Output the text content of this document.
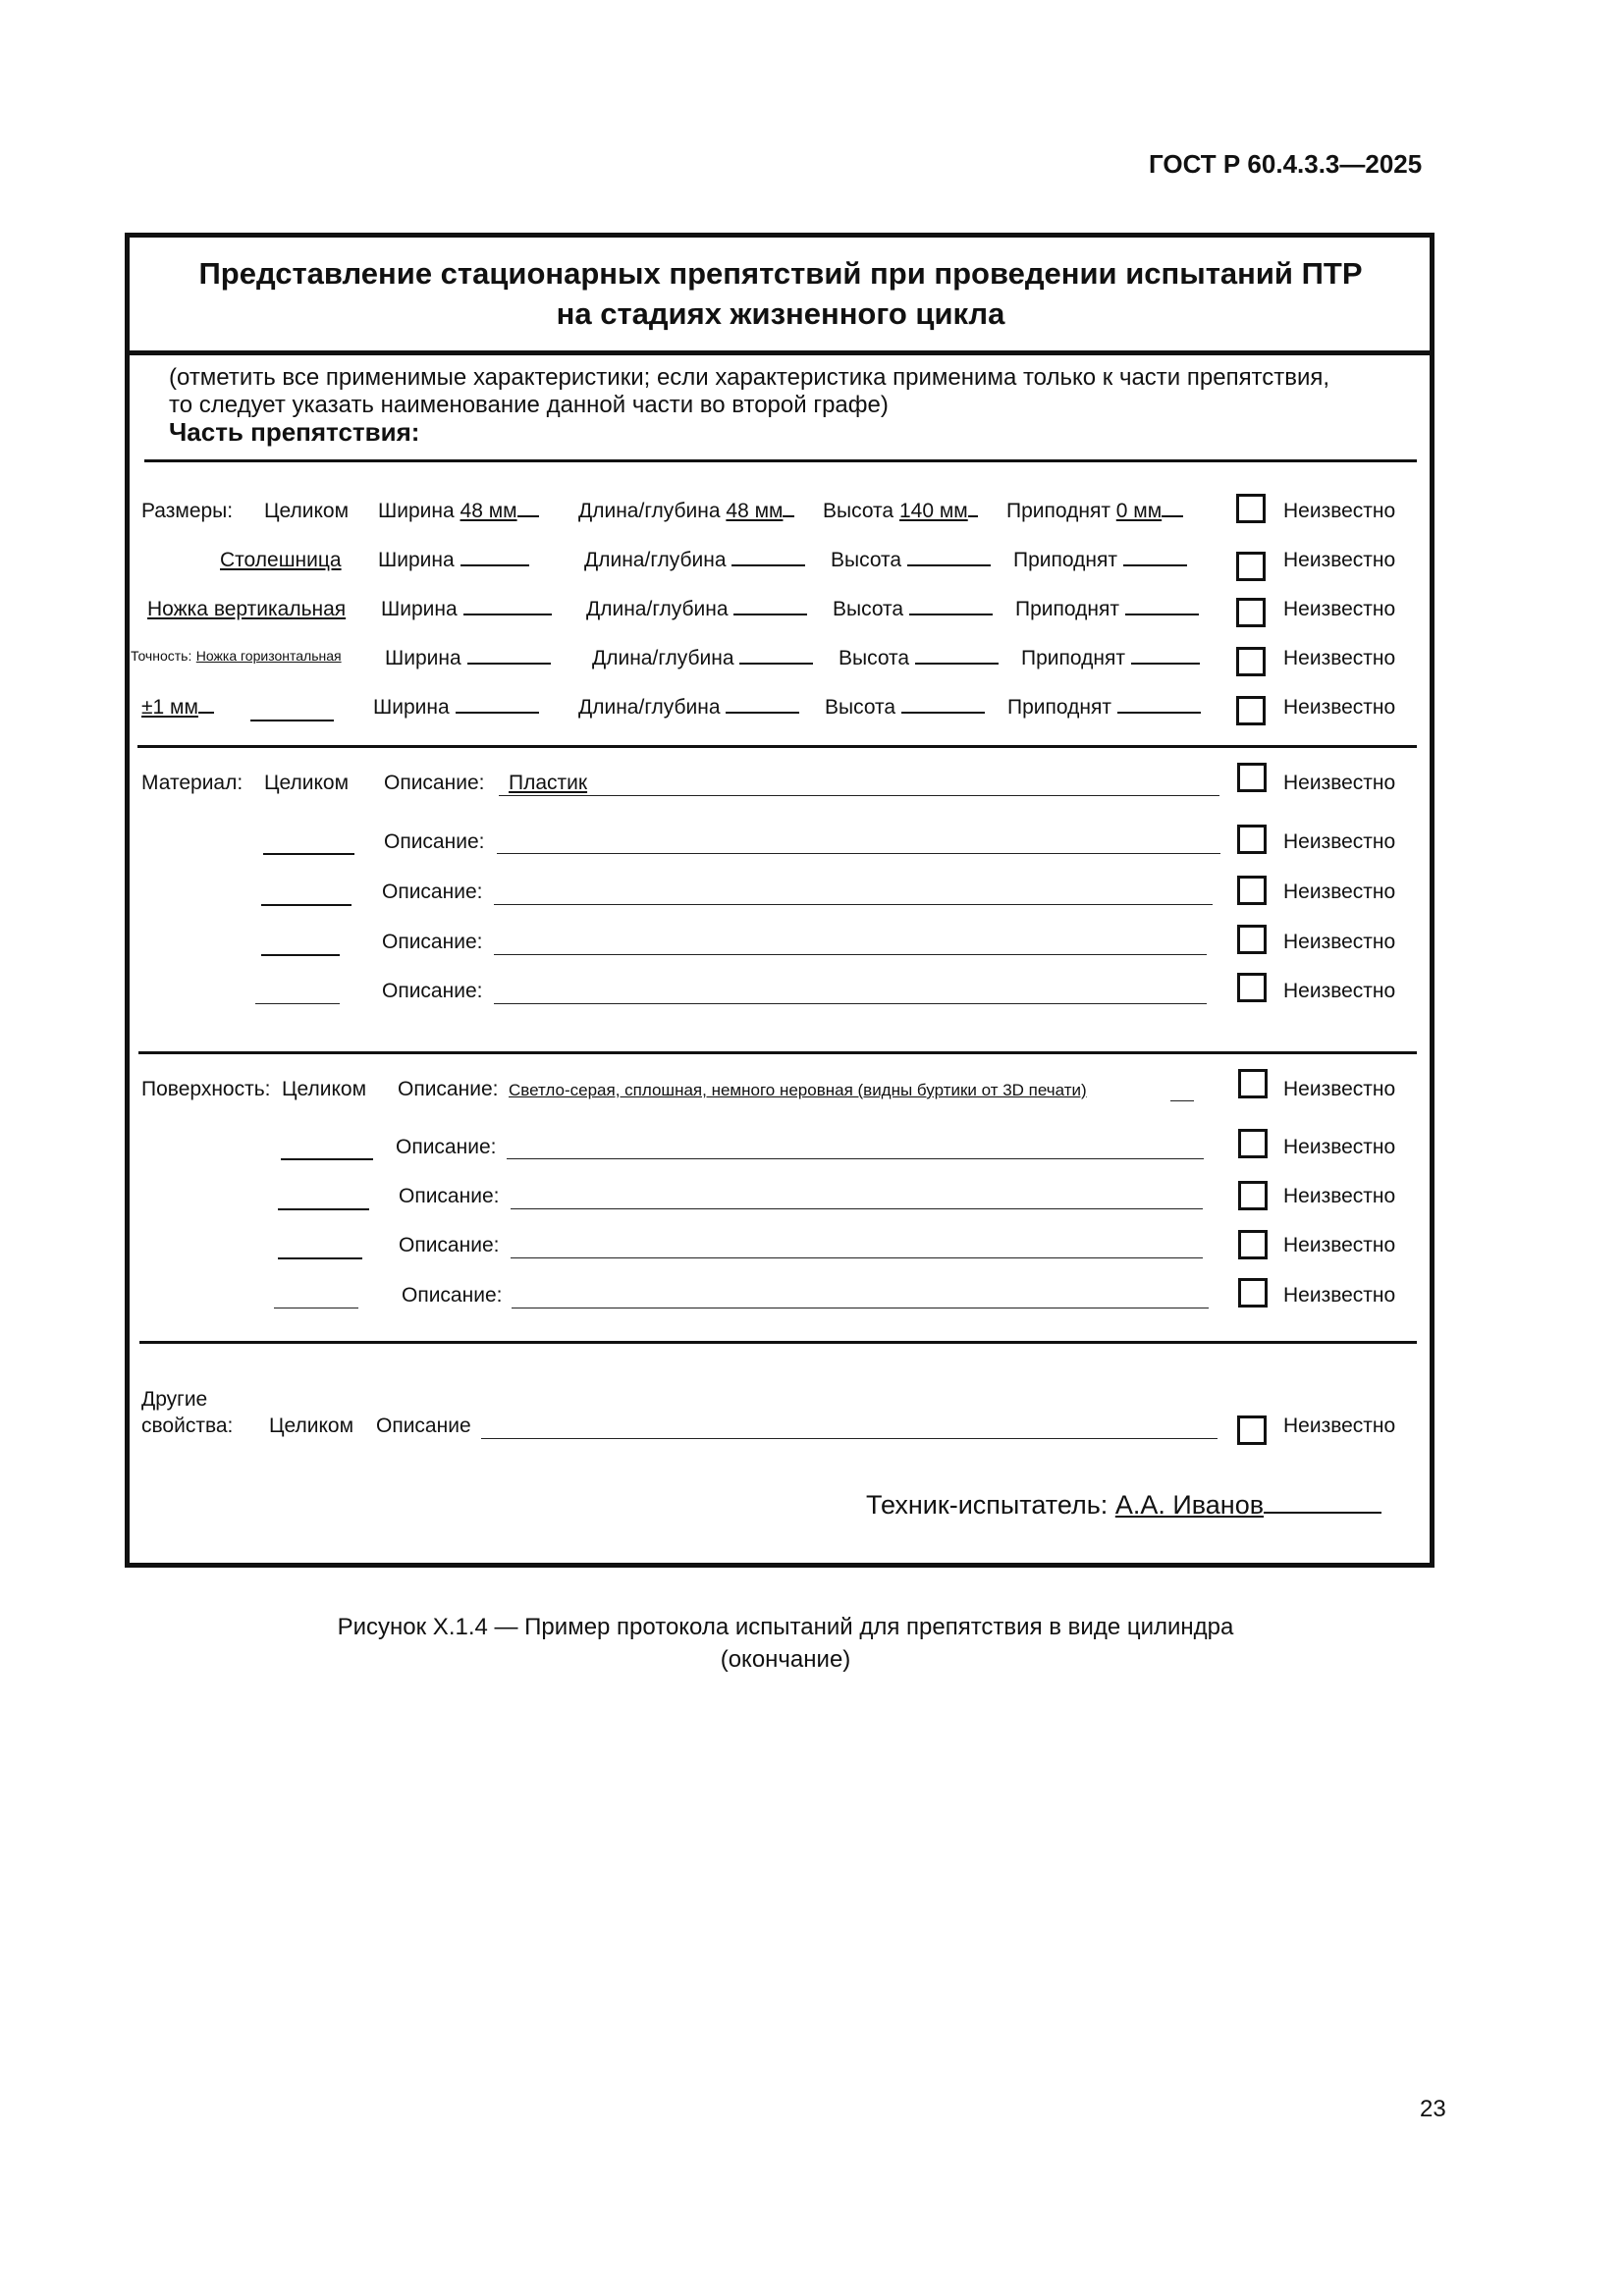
ГОСТ Р 60.4.3.3—2025
Представление стационарных препятствий при проведении испытаний ПТР
на стадиях жизненного цикла
(отметить все применимые характеристики; если характеристика применима только к части препятствия,
то следует указать наименование данной части во второй графе)
Часть препятствия:
Размеры: Целиком Ширина 48 мм	Длина/глубина 48 мм	Высота 140 мм	Приподнят 0 мм	Неизвестно
Столешница Ширина	Длина/глубина	Высота	Приподнят	Неизвестно
Ножка вертикальная Ширина	Длина/глубина	Высота	Приподнят	Неизвестно
Точность: Ножка горизонтальная Ширина	Длина/глубина	Высота	Приподнят	Неизвестно
±1 мм	Ширина	Длина/глубина	Высота	Приподнят	Неизвестно
Материал: Целиком Описание: Пластик	Неизвестно
Описание:	Неизвестно
Описание:	Неизвестно
Описание:	Неизвестно
Описание:	Неизвестно
Поверхность: Целиком Описание: Светло-серая, сплошная, немного неровная (видны буртики от 3D печати)	Неизвестно
Описание:	Неизвестно
Описание:	Неизвестно
Описание:	Неизвестно
Описание:	Неизвестно
Другие
свойства: Целиком Описание	Неизвестно
Техник-испытатель: А.А. Иванов
Рисунок Х.1.4 — Пример протокола испытаний для препятствия в виде цилиндра
(окончание)
23
